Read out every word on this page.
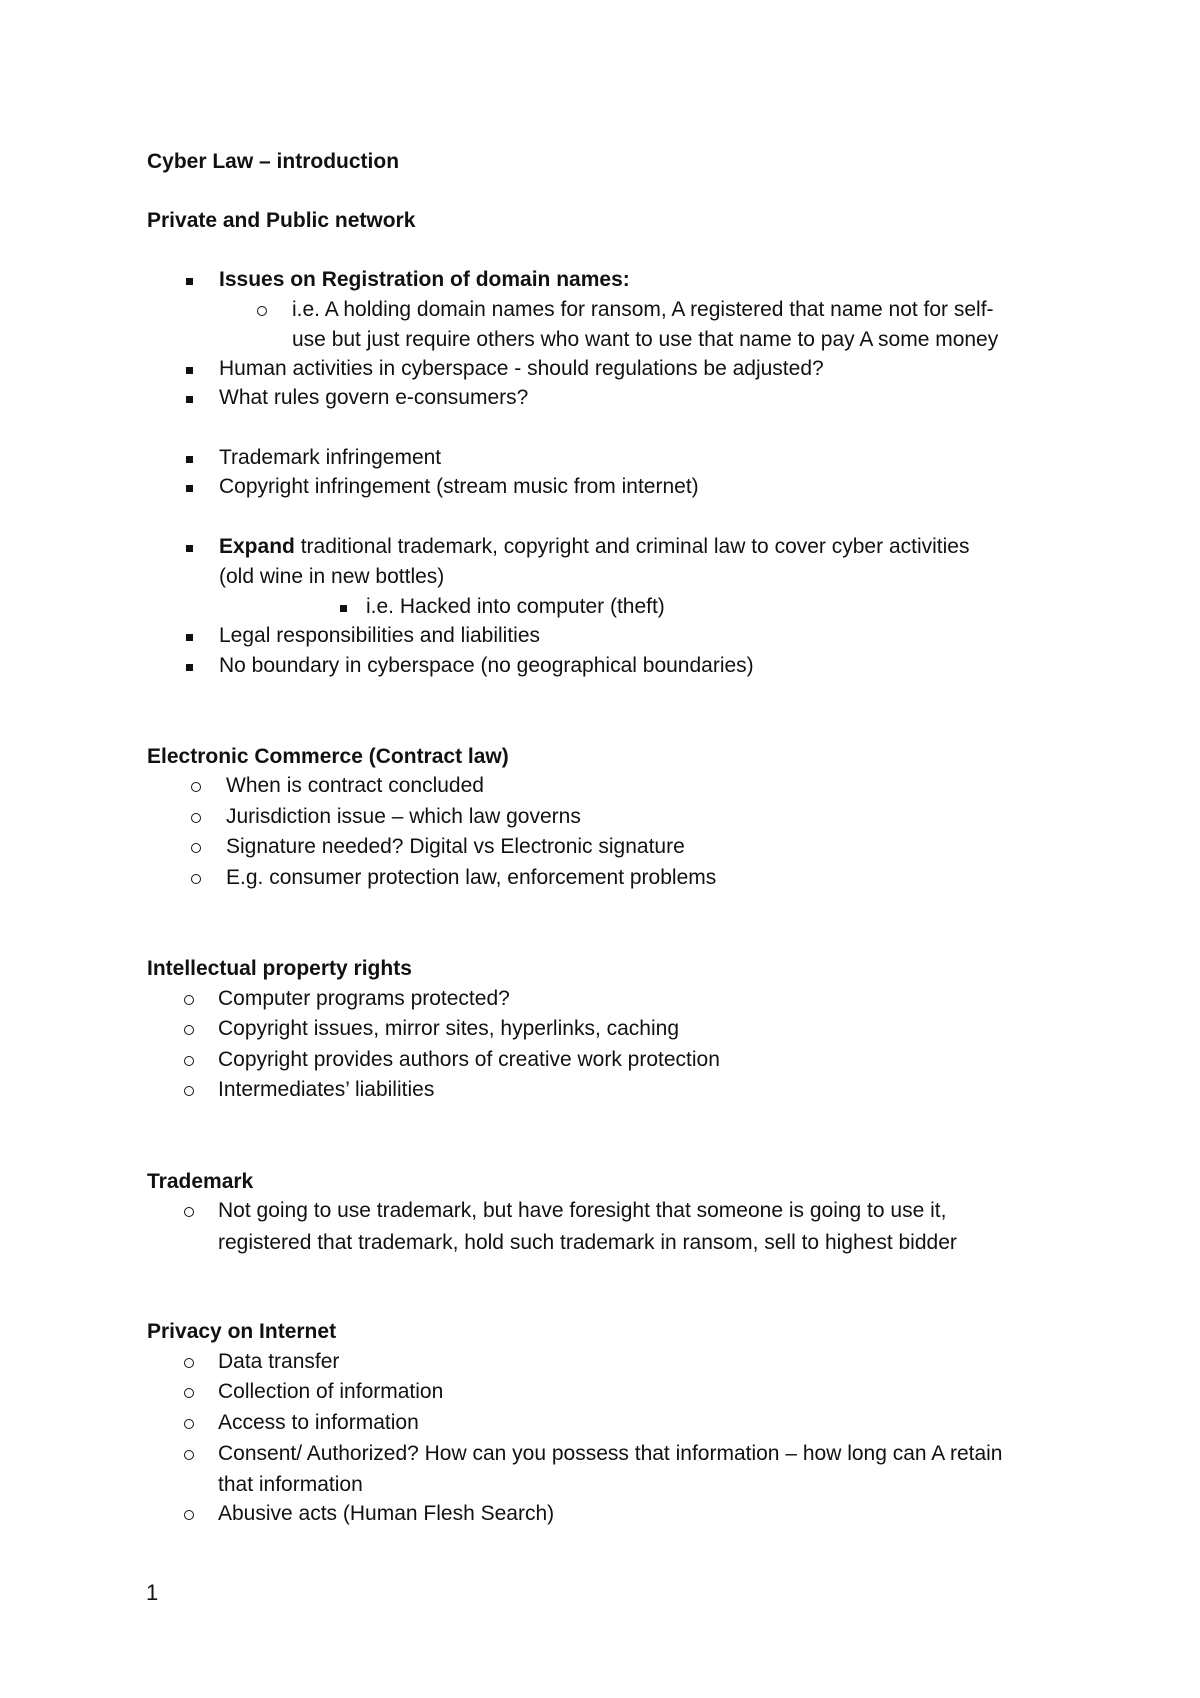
Cyber Law – introduction
Private and Public network
Issues on Registration of domain names:
i.e. A holding domain names for ransom, A registered that name not for self-
use but just require others who want to use that name to pay A some money
Human activities in cyberspace - should regulations be adjusted?
What rules govern e-consumers?
Trademark infringement
Copyright infringement (stream music from internet)
Expand traditional trademark, copyright and criminal law to cover cyber activities
(old wine in new bottles)
i.e. Hacked into computer (theft)
Legal responsibilities and liabilities
No boundary in cyberspace (no geographical boundaries)
Electronic Commerce (Contract law)
When is contract concluded
Jurisdiction issue – which law governs
Signature needed? Digital vs Electronic signature
E.g. consumer protection law, enforcement problems
Intellectual property rights
Computer programs protected?
Copyright issues, mirror sites, hyperlinks, caching
Copyright provides authors of creative work protection
Intermediates’ liabilities
Trademark
Not going to use trademark, but have foresight that someone is going to use it,
registered that trademark, hold such trademark in ransom, sell to highest bidder
Privacy on Internet
Data transfer
Collection of information
Access to information
Consent/ Authorized? How can you possess that information – how long can A retain
that information
Abusive acts (Human Flesh Search)
1
